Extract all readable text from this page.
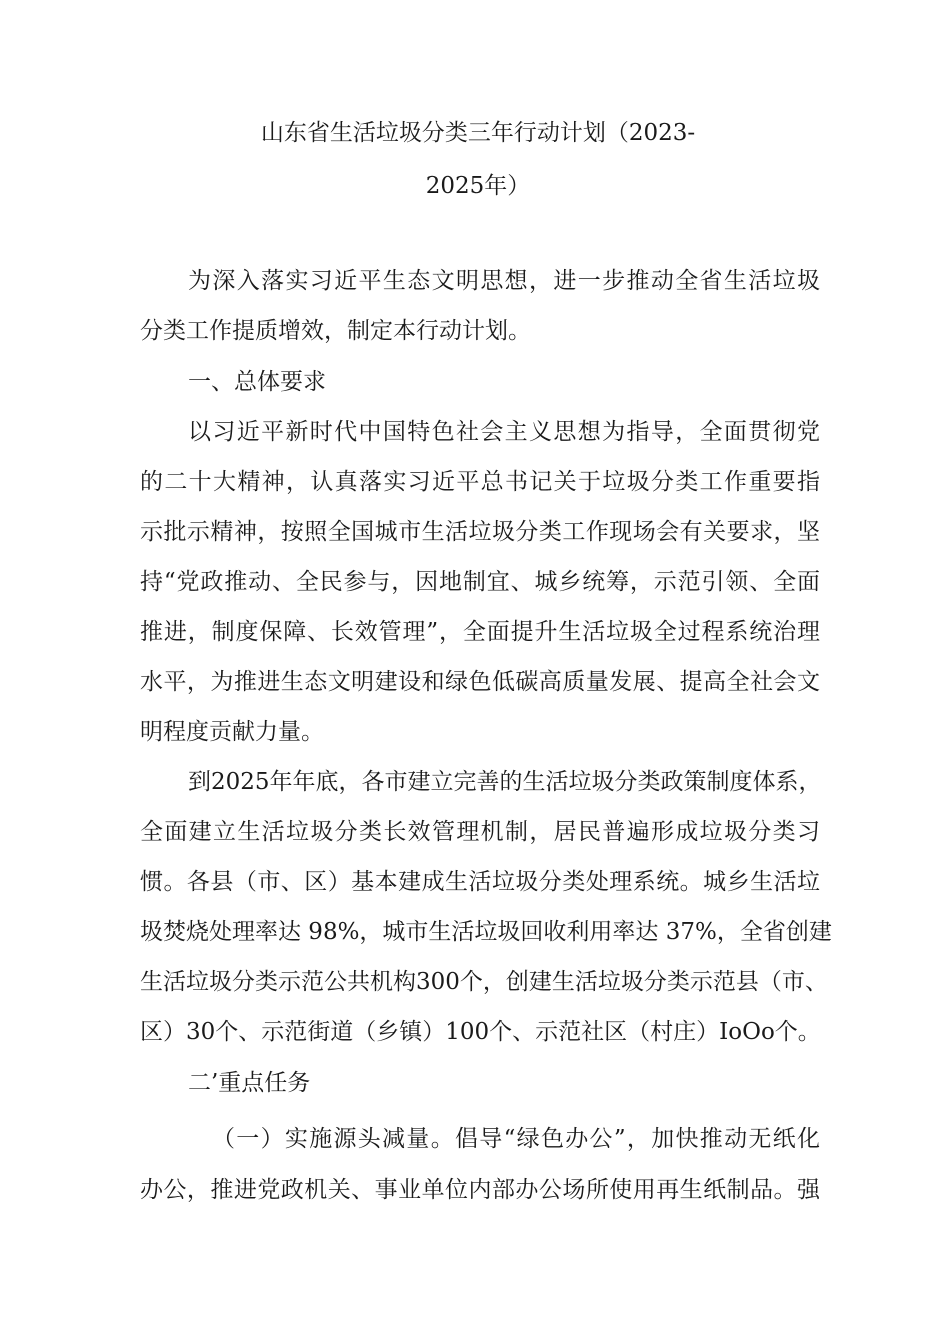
山东省生活垃圾分类三年行动计划（2023-
2025年）
为深入落实习近平生态文明思想，进一步推动全省生活垃圾
分类工作提质增效，制定本行动计划。
一、总体要求
以习近平新时代中国特色社会主义思想为指导，全面贯彻党
的二十大精神，认真落实习近平总书记关于垃圾分类工作重要指
示批示精神，按照全国城市生活垃圾分类工作现场会有关要求，坚
持“党政推动、全民参与，因地制宜、城乡统筹，示范引领、全面
推进，制度保障、长效管理”，全面提升生活垃圾全过程系统治理
水平，为推进生态文明建设和绿色低碳高质量发展、提高全社会文
明程度贡献力量。
到2025年年底，各市建立完善的生活垃圾分类政策制度体系，
全面建立生活垃圾分类长效管理机制，居民普遍形成垃圾分类习
惯。各县（市、区）基本建成生活垃圾分类处理系统。城乡生活垃
圾焚烧处理率达 98%，城市生活垃圾回收利用率达 37%，全省创建
生活垃圾分类示范公共机构300个，创建生活垃圾分类示范县（市、
区）30个、示范街道（乡镇）100个、示范社区（村庄）IoOo个。
二’重点任务
（一）实施源头减量。倡导“绿色办公”，加快推动无纸化
办公，推进党政机关、事业单位内部办公场所使用再生纸制品。强
